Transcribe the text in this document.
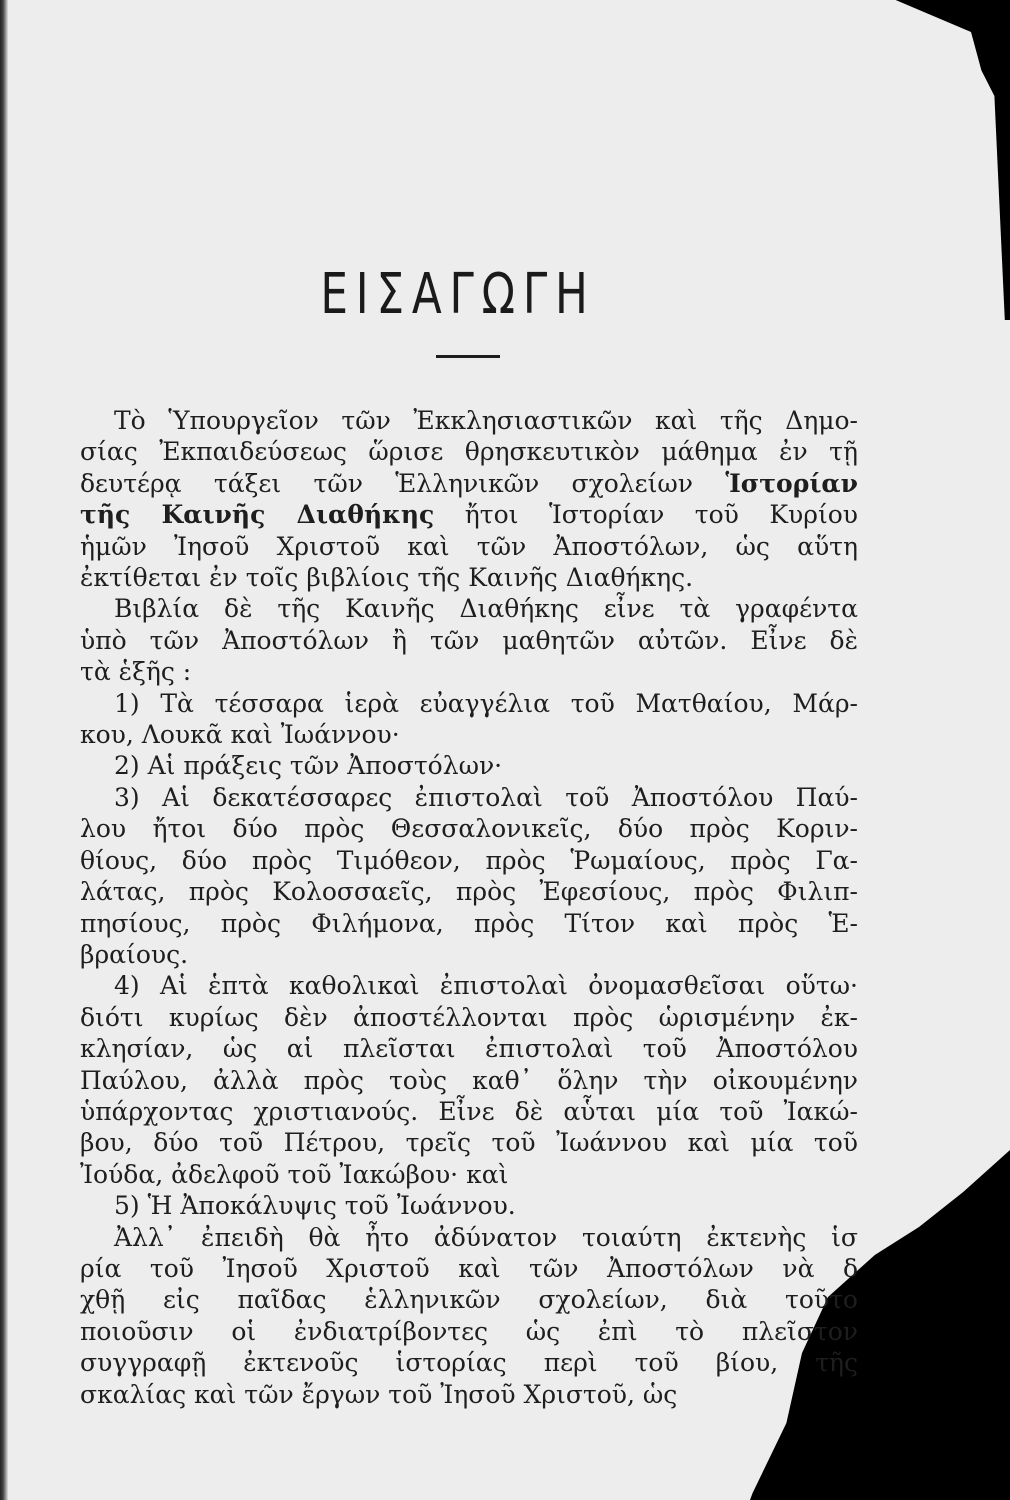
ΕΙΣΑΓΩΓΗ
Τὸ Ὑπουργεῖον τῶν Ἐκκλησιαστικῶν καὶ τῆς Δημο-
σίας Ἐκπαιδεύσεως ὥρισε θρησκευτικὸν μάθημα ἐν τῇ
δευτέρᾳ τάξει τῶν Ἑλληνικῶν σχολείων Ἱστορίαν
τῆς Καινῆς Διαθήκης ἤτοι Ἱστορίαν τοῦ Κυρίου
ἡμῶν Ἰησοῦ Χριστοῦ καὶ τῶν Ἀποστόλων, ὡς αὕτη
ἐκτίθεται ἐν τοῖς βιβλίοις τῆς Καινῆς Διαθήκης.
Βιβλία δὲ τῆς Καινῆς Διαθήκης εἶνε τὰ γραφέντα
ὑπὸ τῶν Ἀποστόλων ἢ τῶν μαθητῶν αὐτῶν. Εἶνε δὲ
τὰ ἑξῆς :
1) Τὰ τέσσαρα ἱερὰ εὐαγγέλια τοῦ Ματθαίου, Μάρ-
κου, Λουκᾶ καὶ Ἰωάννου·
2) Αἱ πράξεις τῶν Ἀποστόλων·
3) Αἱ δεκατέσσαρες ἐπιστολαὶ τοῦ Ἀποστόλου Παύ-
λου ἤτοι δύο πρὸς Θεσσαλονικεῖς, δύο πρὸς Κοριν-
θίους, δύο πρὸς Τιμόθεον, πρὸς Ῥωμαίους, πρὸς Γα-
λάτας, πρὸς Κολοσσαεῖς, πρὸς Ἐφεσίους, πρὸς Φιλιπ-
πησίους, πρὸς Φιλήμονα, πρὸς Τίτον καὶ πρὸς Ἑ-
βραίους.
4) Αἱ ἑπτὰ καθολικαὶ ἐπιστολαὶ ὀνομασθεῖσαι οὕτω·
διότι κυρίως δὲν ἀποστέλλονται πρὸς ὡρισμένην ἐκ-
κλησίαν, ὡς αἱ πλεῖσται ἐπιστολαὶ τοῦ Ἀποστόλου
Παύλου, ἀλλὰ πρὸς τοὺς καθ᾽ ὅλην τὴν οἰκουμένην
ὑπάρχοντας χριστιανούς. Εἶνε δὲ αὗται μία τοῦ Ἰακώ-
βου, δύο τοῦ Πέτρου, τρεῖς τοῦ Ἰωάννου καὶ μία τοῦ
Ἰούδα, ἀδελφοῦ τοῦ Ἰακώβου· καὶ
5) Ἡ Ἀποκάλυψις τοῦ Ἰωάννου.
Ἀλλ᾽ ἐπειδὴ θὰ ἦτο ἀδύνατον τοιαύτη ἐκτενὴς ἱσ
ρία τοῦ Ἰησοῦ Χριστοῦ καὶ τῶν Ἀποστόλων νὰ δ
χθῇ εἰς παῖδας ἑλληνικῶν σχολείων, διὰ τοῦτο
ποιοῦσιν οἱ ἐνδιατρίβοντες ὡς ἐπὶ τὸ πλεῖστον
συγγραφῇ ἐκτενοῦς ἱστορίας περὶ τοῦ βίου, τῆς
σκαλίας καὶ τῶν ἔργων τοῦ Ἰησοῦ Χριστοῦ, ὡς
